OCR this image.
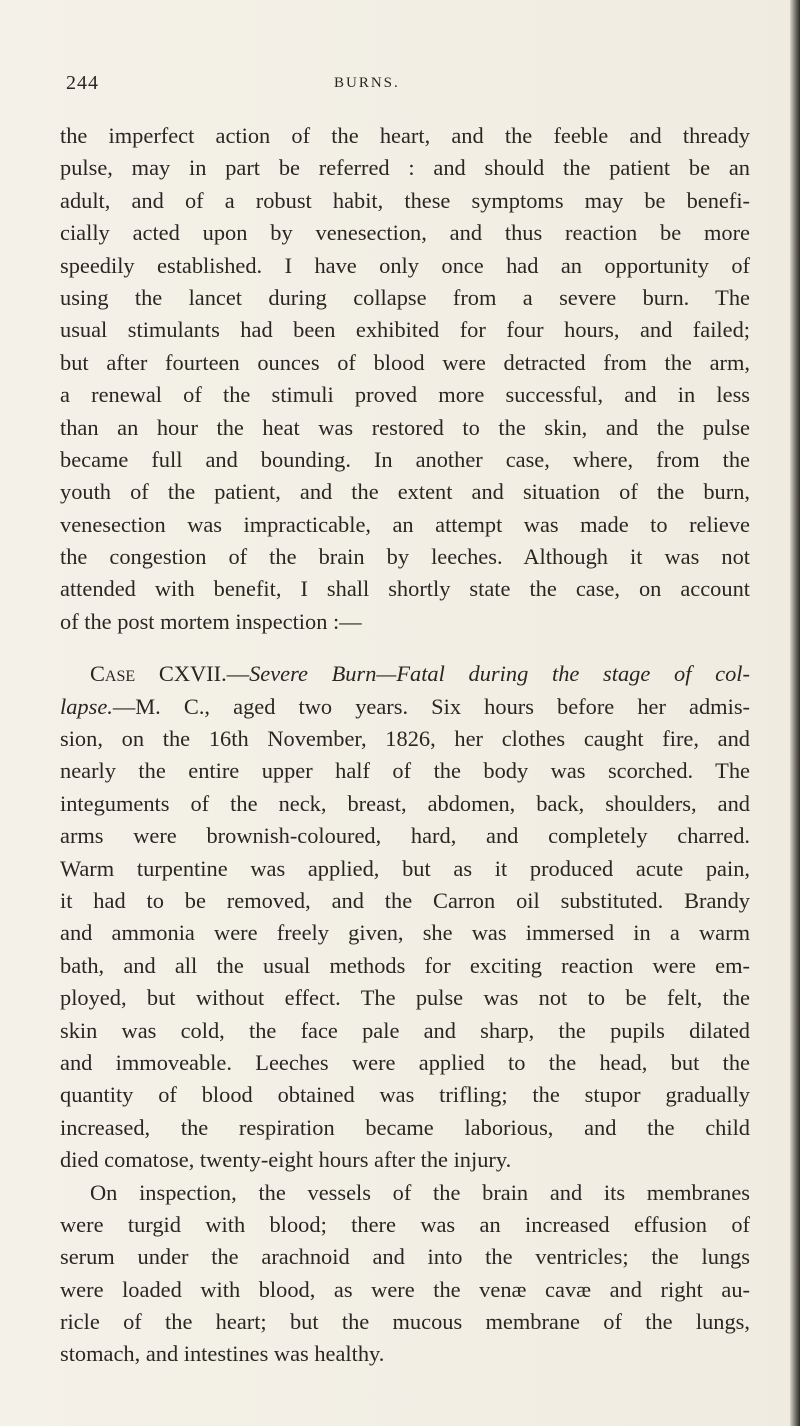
244	BURNS.
the imperfect action of the heart, and the feeble and thready
pulse, may in part be referred : and should the patient be an
adult, and of a robust habit, these symptoms may be benefi-
cially acted upon by venesection, and thus reaction be more
speedily established. I have only once had an opportunity of
using the lancet during collapse from a severe burn. The
usual stimulants had been exhibited for four hours, and failed;
but after fourteen ounces of blood were detracted from the arm,
a renewal of the stimuli proved more successful, and in less
than an hour the heat was restored to the skin, and the pulse
became full and bounding. In another case, where, from the
youth of the patient, and the extent and situation of the burn,
venesection was impracticable, an attempt was made to relieve
the congestion of the brain by leeches. Although it was not
attended with benefit, I shall shortly state the case, on account
of the post mortem inspection :—
Case CXVII.—Severe Burn—Fatal during the stage of col-
lapse.—M. C., aged two years. Six hours before her admis-
sion, on the 16th November, 1826, her clothes caught fire, and
nearly the entire upper half of the body was scorched. The
integuments of the neck, breast, abdomen, back, shoulders, and
arms were brownish-coloured, hard, and completely charred.
Warm turpentine was applied, but as it produced acute pain,
it had to be removed, and the Carron oil substituted. Brandy
and ammonia were freely given, she was immersed in a warm
bath, and all the usual methods for exciting reaction were em-
ployed, but without effect. The pulse was not to be felt, the
skin was cold, the face pale and sharp, the pupils dilated
and immoveable. Leeches were applied to the head, but the
quantity of blood obtained was trifling; the stupor gradually
increased, the respiration became laborious, and the child
died comatose, twenty-eight hours after the injury.
On inspection, the vessels of the brain and its membranes
were turgid with blood; there was an increased effusion of
serum under the arachnoid and into the ventricles; the lungs
were loaded with blood, as were the venæ cavæ and right au-
ricle of the heart; but the mucous membrane of the lungs,
stomach, and intestines was healthy.
